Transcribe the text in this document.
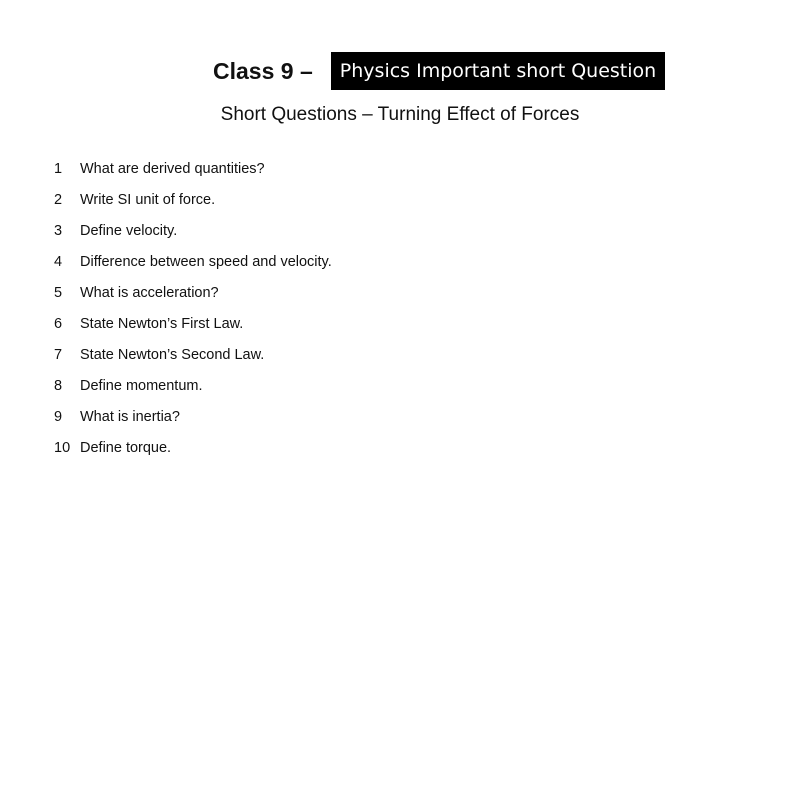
Class 9 –	Physics Important short Question
Short Questions – Turning Effect of Forces
1	What are derived quantities?
2	Write SI unit of force.
3	Define velocity.
4	Difference between speed and velocity.
5	What is acceleration?
6	State Newton’s First Law.
7	State Newton’s Second Law.
8	Define momentum.
9	What is inertia?
10 Define torque.
